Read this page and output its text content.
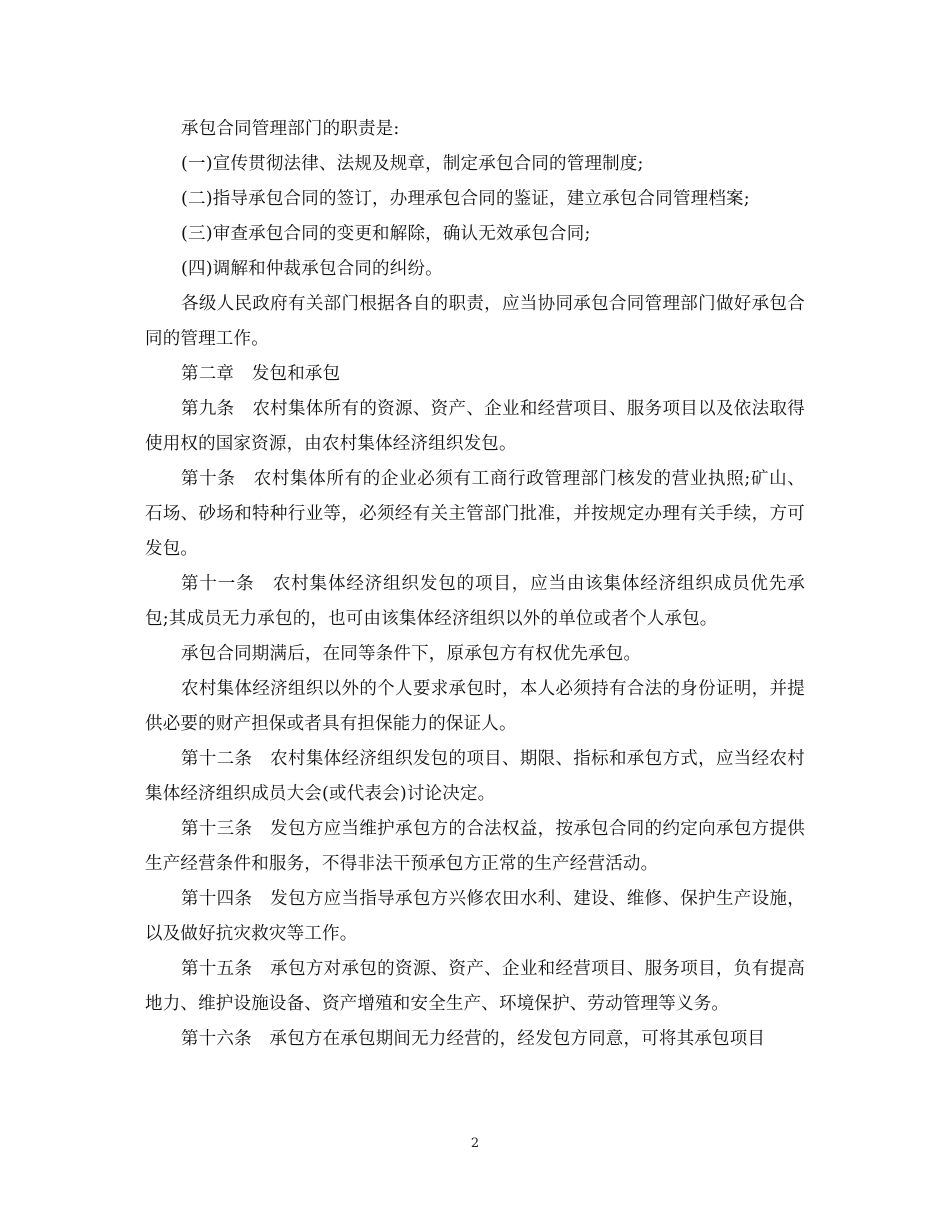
承包合同管理部门的职责是:

(一)宣传贯彻法律、法规及规章，制定承包合同的管理制度;

(二)指导承包合同的签订，办理承包合同的鉴证，建立承包合同管理档案;

(三)审查承包合同的变更和解除，确认无效承包合同;

(四)调解和仲裁承包合同的纠纷。

各级人民政府有关部门根据各自的职责，应当协同承包合同管理部门做好承包合同的管理工作。

第二章　发包和承包

第九条　农村集体所有的资源、资产、企业和经营项目、服务项目以及依法取得使用权的国家资源，由农村集体经济组织发包。

第十条　农村集体所有的企业必须有工商行政管理部门核发的营业执照;矿山、石场、砂场和特种行业等，必须经有关主管部门批准，并按规定办理有关手续，方可发包。

第十一条　农村集体经济组织发包的项目，应当由该集体经济组织成员优先承包;其成员无力承包的，也可由该集体经济组织以外的单位或者个人承包。

承包合同期满后，在同等条件下，原承包方有权优先承包。

农村集体经济组织以外的个人要求承包时，本人必须持有合法的身份证明，并提供必要的财产担保或者具有担保能力的保证人。

第十二条　农村集体经济组织发包的项目、期限、指标和承包方式，应当经农村集体经济组织成员大会(或代表会)讨论决定。

第十三条　发包方应当维护承包方的合法权益，按承包合同的约定向承包方提供生产经营条件和服务，不得非法干预承包方正常的生产经营活动。

第十四条　发包方应当指导承包方兴修农田水利、建设、维修、保护生产设施，以及做好抗灾救灾等工作。

第十五条　承包方对承包的资源、资产、企业和经营项目、服务项目，负有提高地力、维护设施设备、资产增殖和安全生产、环境保护、劳动管理等义务。

第十六条　承包方在承包期间无力经营的，经发包方同意，可将其承包项目

2
